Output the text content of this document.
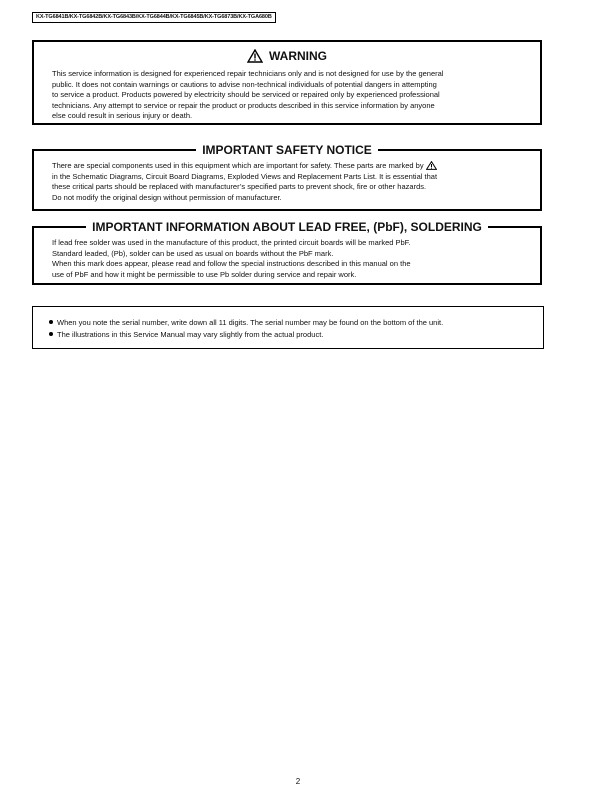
KX-TG6841B/KX-TG6842B/KX-TG6843B/KX-TG6844B/KX-TG6845B/KX-TG6873B/KX-TGA680B
WARNING
This service information is designed for experienced repair technicians only and is not designed for use by the general
public. It does not contain warnings or cautions to advise non-technical individuals of potential dangers in attempting
to service a product. Products powered by electricity should be serviced or repaired only by experienced professional
technicians. Any attempt to service or repair the product or products described in this service information by anyone
else could result in serious injury or death.
IMPORTANT SAFETY NOTICE
There are special components used in this equipment which are important for safety. These parts are marked by
in the Schematic Diagrams, Circuit Board Diagrams, Exploded Views and Replacement Parts List. It is essential that
these critical parts should be replaced with manufacturer’s specified parts to prevent shock, fire or other hazards.
Do not modify the original design without permission of manufacturer.
IMPORTANT INFORMATION ABOUT LEAD FREE, (PbF), SOLDERING
If lead free solder was used in the manufacture of this product, the printed circuit boards will be marked PbF.
Standard leaded, (Pb), solder can be used as usual on boards without the PbF mark.
When this mark does appear, please read and follow the special instructions described in this manual on the
use of PbF and how it might be permissible to use Pb solder during service and repair work.
When you note the serial number, write down all 11 digits. The serial number may be found on the bottom of the unit.
The illustrations in this Service Manual may vary slightly from the actual product.
2
